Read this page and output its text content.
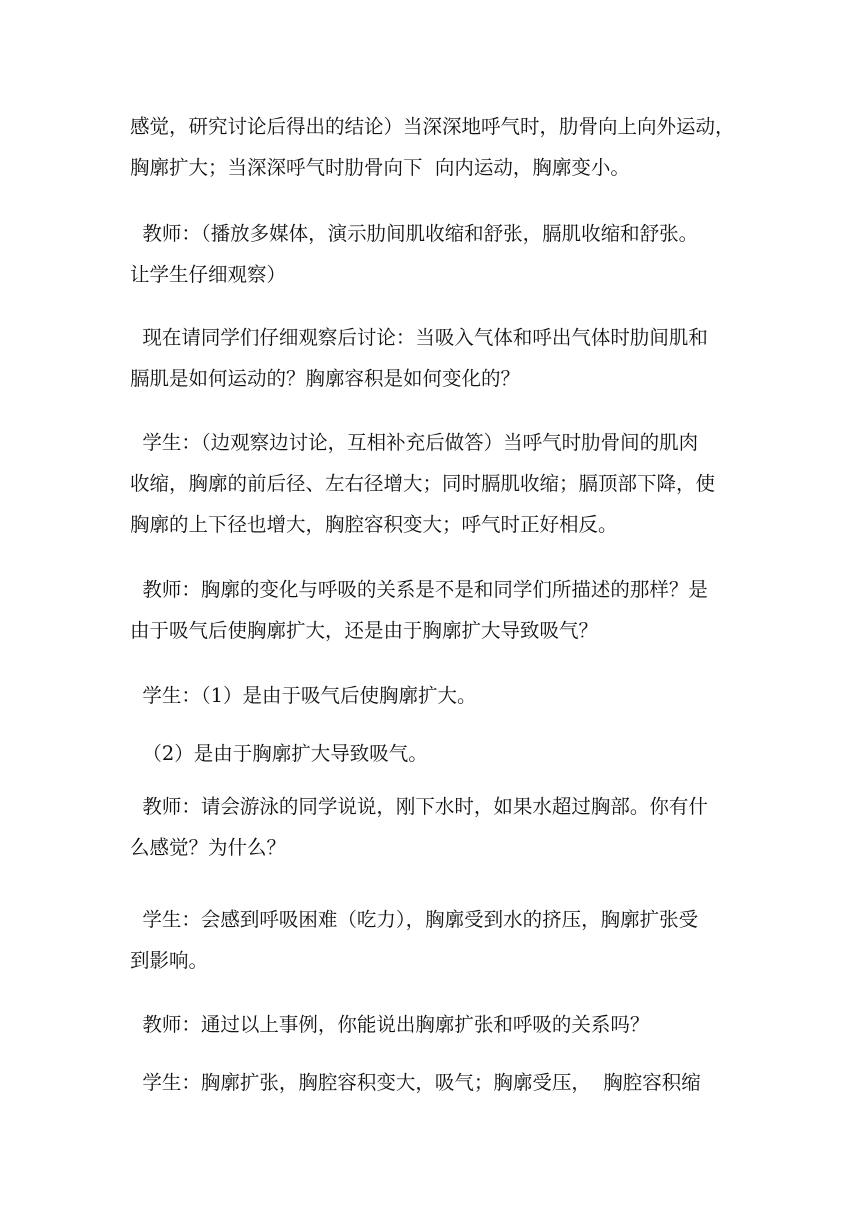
感觉，研究讨论后得出的结论）当深深地呼气时，肋骨向上向外运动，
胸廓扩大；当深深呼气时肋骨向下  向内运动，胸廓变小。
教师：（播放多媒体，演示肋间肌收缩和舒张，膈肌收缩和舒张。
让学生仔细观察）
现在请同学们仔细观察后讨论：当吸入气体和呼出气体时肋间肌和
膈肌是如何运动的？胸廓容积是如何变化的？
学生：（边观察边讨论，互相补充后做答）当呼气时肋骨间的肌肉
收缩，胸廓的前后径、左右径增大；同时膈肌收缩；膈顶部下降，使
胸廓的上下径也增大，胸腔容积变大；呼气时正好相反。
教师：胸廓的变化与呼吸的关系是不是和同学们所描述的那样？是
由于吸气后使胸廓扩大，还是由于胸廓扩大导致吸气？
学生：（1）是由于吸气后使胸廓扩大。
（2）是由于胸廓扩大导致吸气。
教师：请会游泳的同学说说，刚下水时，如果水超过胸部。你有什
么感觉？为什么？
学生：会感到呼吸困难（吃力），胸廓受到水的挤压，胸廓扩张受
到影响。
教师：通过以上事例，你能说出胸廓扩张和呼吸的关系吗？
学生：胸廓扩张，胸腔容积变大，吸气；胸廓受压，  胸腔容积缩
